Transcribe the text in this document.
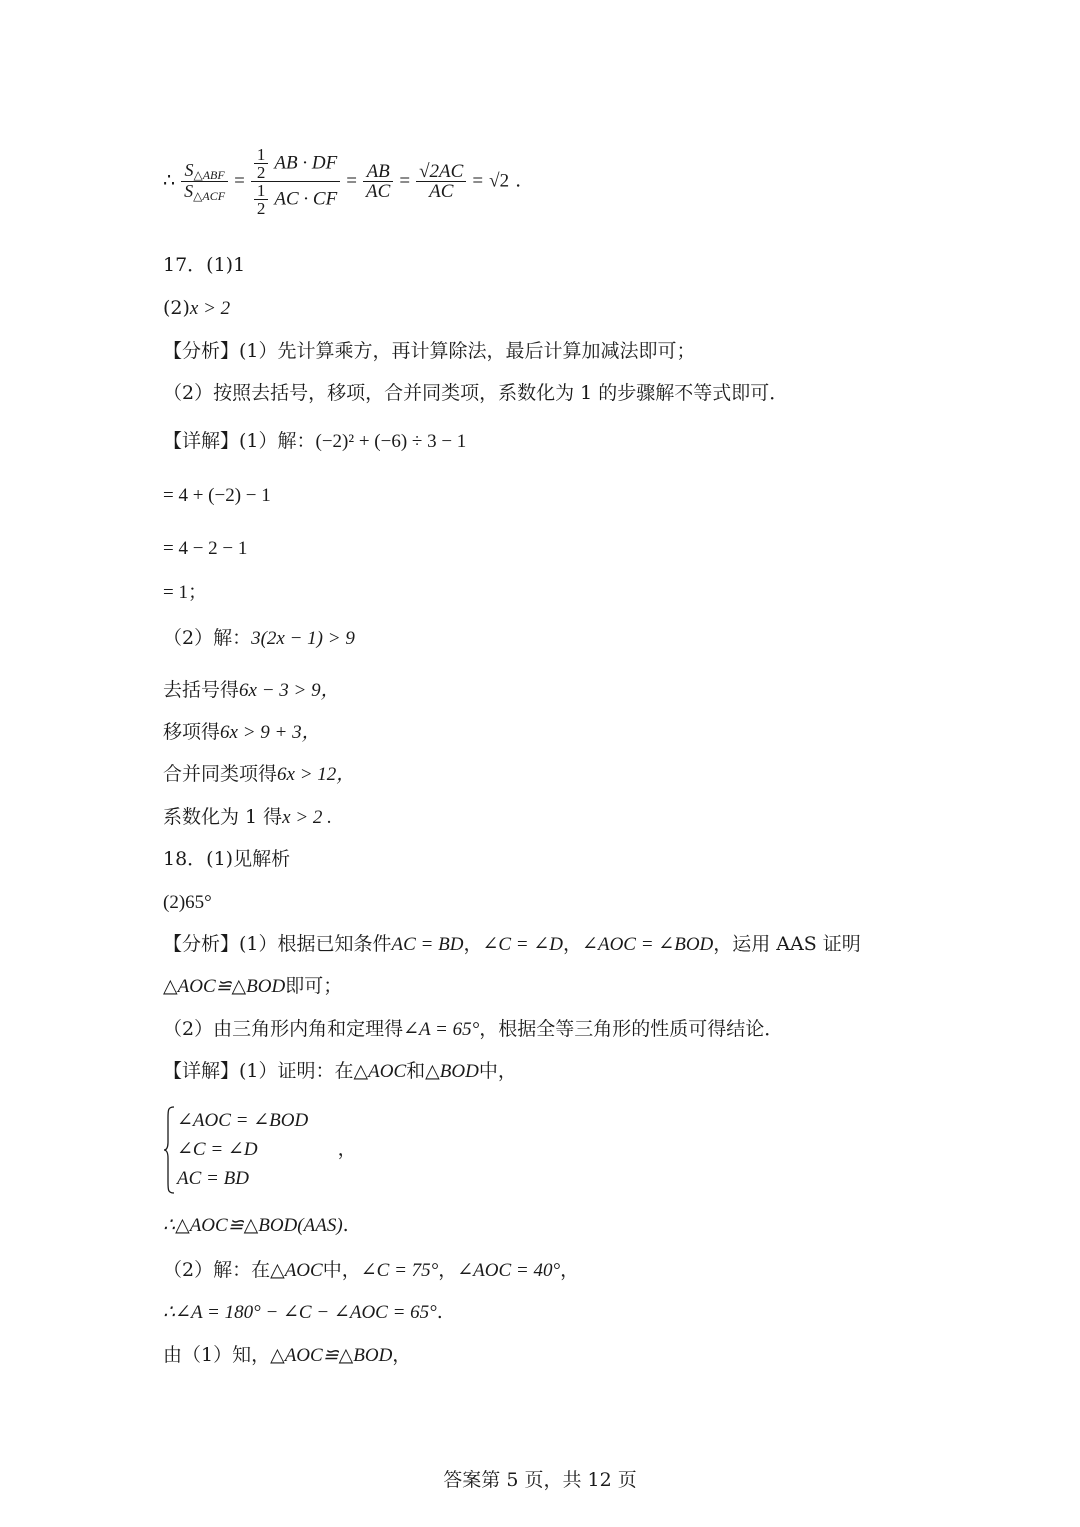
∴ $\frac{S_{\triangle ABF}}{S_{\triangle ACF}} = \frac{\frac{1}{2} AB \cdot DF}{\frac{1}{2} AC \cdot CF} = \frac{AB}{AC} = \frac{√2AC}{AC} = √2$ .
17．(1)1
(2)x > 2
【分析】(1）先计算乘方，再计算除法，最后计算加减法即可；
（2）按照去括号，移项，合并同类项，系数化为 1 的步骤解不等式即可．
【详解】(1）解：(−2)² + (−6) ÷ 3 − 1
= 4 + (−2) − 1
= 4 − 2 − 1
= 1；
（2）解：3(2x − 1) > 9
去括号得6x − 3 > 9，
移项得6x > 9 + 3，
合并同类项得6x > 12，
系数化为 1 得x > 2 .
18．(1)见解析
(2)65°
【分析】(1）根据已知条件AC = BD，∠C = ∠D，∠AOC = ∠BOD，运用 AAS 证明
△AOC≌△BOD即可；
（2）由三角形内角和定理得∠A = 65°，根据全等三角形的性质可得结论．
【详解】(1）证明：在△AOC和△BOD中，
∠AOC = ∠BOD
∠C = ∠D	，
AC = BD
∴△AOC≌△BOD(AAS).
（2）解：在△AOC中，∠C = 75°，∠AOC = 40°，
∴∠A = 180° − ∠C − ∠AOC = 65°.
由（1）知，△AOC≌△BOD，
答案第 5 页，共 12 页
